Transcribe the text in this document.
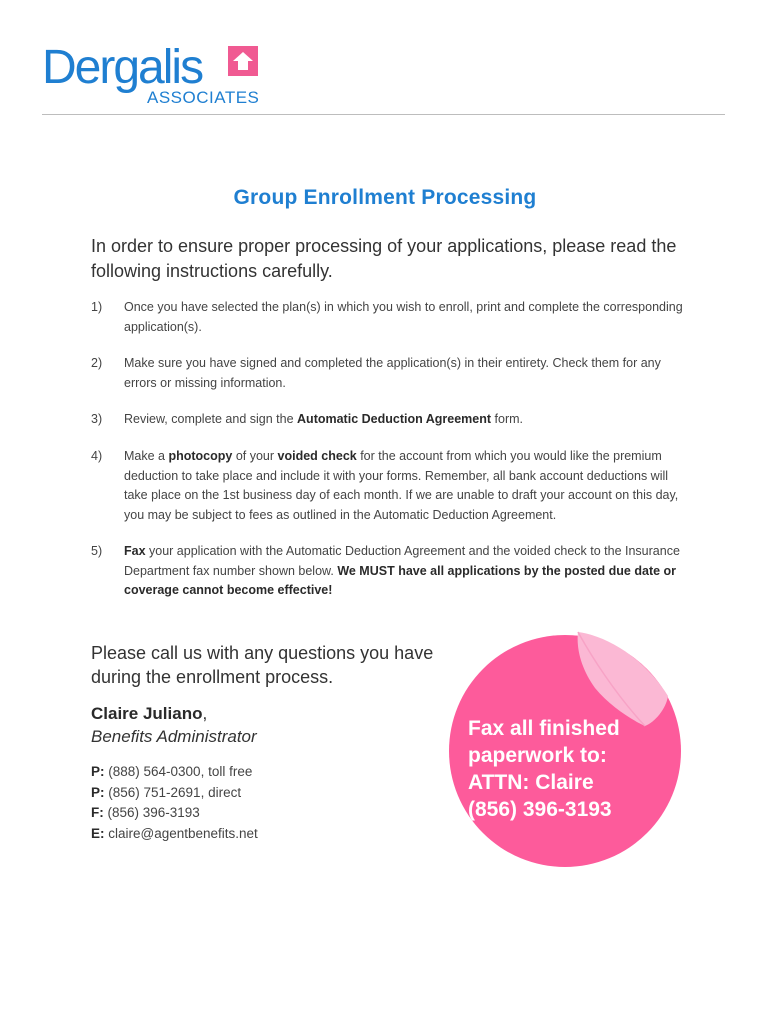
Dergalis
ASSOCIATES
Group Enrollment Processing
In order to ensure proper processing of your applications, please read the following instructions carefully.
1) Once you have selected the plan(s) in which you wish to enroll, print and complete the corresponding application(s).
2) Make sure you have signed and completed the application(s) in their entirety. Check them for any errors or missing information.
3) Review, complete and sign the Automatic Deduction Agreement form.
4) Make a photocopy of your voided check for the account from which you would like the premium deduction to take place and include it with your forms. Remember, all bank account deductions will take place on the 1st business day of each month. If we are unable to draft your account on this day, you may be subject to fees as outlined in the Automatic Deduction Agreement.
5) Fax your application with the Automatic Deduction Agreement and the voided check to the Insurance Department fax number shown below. We MUST have all applications by the posted due date or coverage cannot become effective!
Please call us with any questions you have during the enrollment process.
Claire Juliano,
Benefits Administrator
P: (888) 564-0300, toll free
P: (856) 751-2691, direct
F: (856) 396-3193
E: claire@agentbenefits.net
Fax all finished
paperwork to:
ATTN: Claire
(856) 396-3193
